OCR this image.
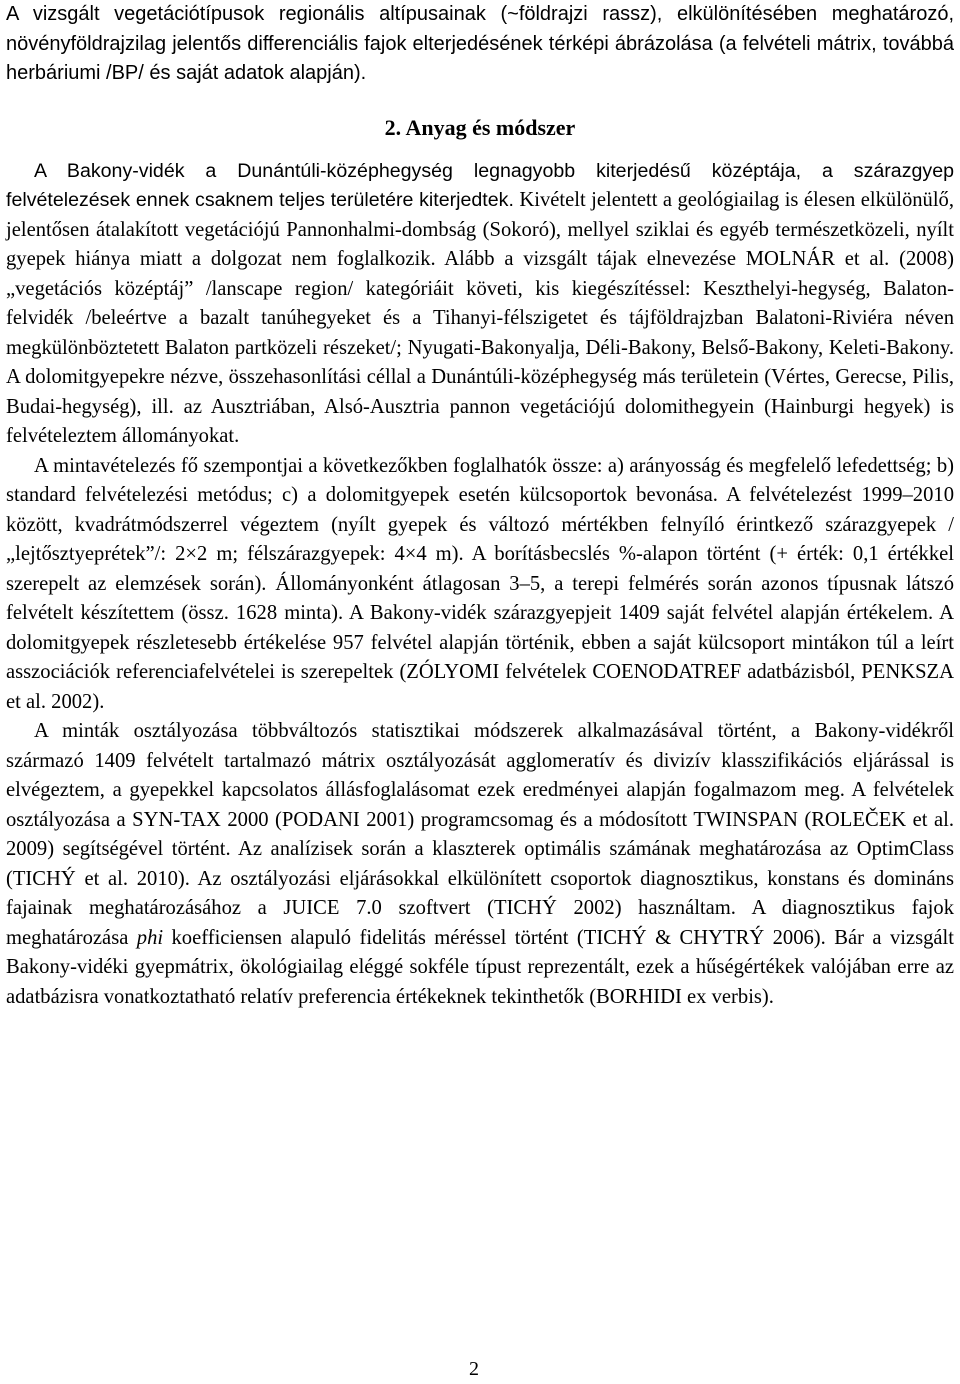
A vizsgált vegetációtípusok regionális altípusainak (~földrajzi rassz), elkülönítésében meghatározó, növényföldrajzilag jelentős differenciális fajok elterjedésének térképi ábrázolása (a felvételi mátrix, továbbá herbáriumi /BP/ és saját adatok alapján).

2. Anyag és módszer

A Bakony-vidék a Dunántúli-középhegység legnagyobb kiterjedésű középtája, a szárazgyep felvételezések ennek csaknem teljes területére kiterjedtek. Kivételt jelentett a geológiailag is élesen elkülönülő, jelentősen átalakított vegetációjú Pannonhalmi-dombság (Sokoró), mellyel sziklai és egyéb természetközeli, nyílt gyepek hiánya miatt a dolgozat nem foglalkozik. Alább a vizsgált tájak elnevezése MOLNÁR et al. (2008) „vegetációs középtáj” /lanscape region/ kategóriáit követi, kis kiegészítéssel: Keszthelyi-hegység, Balaton-felvidék /beleértve a bazalt tanúhegyeket és a Tihanyi-félszigetet és tájföldrajzban Balatoni-Riviéra néven megkülönböztetett Balaton partközeli részeket/; Nyugati-Bakonyalja, Déli-Bakony, Belső-Bakony, Keleti-Bakony. A dolomitgyepekre nézve, összehasonlítási céllal a Dunántúli-középhegység más területein (Vértes, Gerecse, Pilis, Budai-hegység), ill. az Ausztriában, Alsó-Ausztria pannon vegetációjú dolomithegyein (Hainburgi hegyek) is felvételeztem állományokat.

A mintavételezés fő szempontjai a következőkben foglalhatók össze: a) arányosság és megfelelő lefedettség; b) standard felvételezési metódus; c) a dolomitgyepek esetén külcsoportok bevonása. A felvételezést 1999–2010 között, kvadrátmódszerrel végeztem (nyílt gyepek és változó mértékben felnyíló érintkező szárazgyepek /„lejtősztyeprétek”/: 2×2 m; félszárazgyepek: 4×4 m). A borításbecslés %-alapon történt (+ érték: 0,1 értékkel szerepelt az elemzések során). Állományonként átlagosan 3–5, a terepi felmérés során azonos típusnak látszó felvételt készítettem (össz. 1628 minta). A Bakony-vidék szárazgyepjeit 1409 saját felvétel alapján értékelem. A dolomitgyepek részletesebb értékelése 957 felvétel alapján történik, ebben a saját külcsoport mintákon túl a leírt asszociációk referenciafelvételei is szerepeltek (ZÓLYOMI felvételek COENODATREF adatbázisból, PENKSZA et al. 2002).

A minták osztályozása többváltozós statisztikai módszerek alkalmazásával történt, a Bakony-vidékről származó 1409 felvételt tartalmazó mátrix osztályozását agglomeratív és divizív klasszifikációs eljárással is elvégeztem, a gyepekkel kapcsolatos állásfoglalásomat ezek eredményei alapján fogalmazom meg. A felvételek osztályozása a SYN-TAX 2000 (PODANI 2001) programcsomag és a módosított TWINSPAN (ROLEČEK et al. 2009) segítségével történt. Az analízisek során a klaszterek optimális számának meghatározása az OptimClass (TICHÝ et al. 2010). Az osztályozási eljárásokkal elkülönített csoportok diagnosztikus, konstans és domináns fajainak meghatározásához a JUICE 7.0 szoftvert (TICHÝ 2002) használtam. A diagnosztikus fajok meghatározása phi koefficiensen alapuló fidelitás méréssel történt (TICHÝ & CHYTRÝ 2006). Bár a vizsgált Bakony-vidéki gyepmátrix, ökológiailag eléggé sokféle típust reprezentált, ezek a hűségértékek valójában erre az adatbázisra vonatkoztatható relatív preferencia értékeknek tekinthetők (BORHIDI ex verbis).

2
